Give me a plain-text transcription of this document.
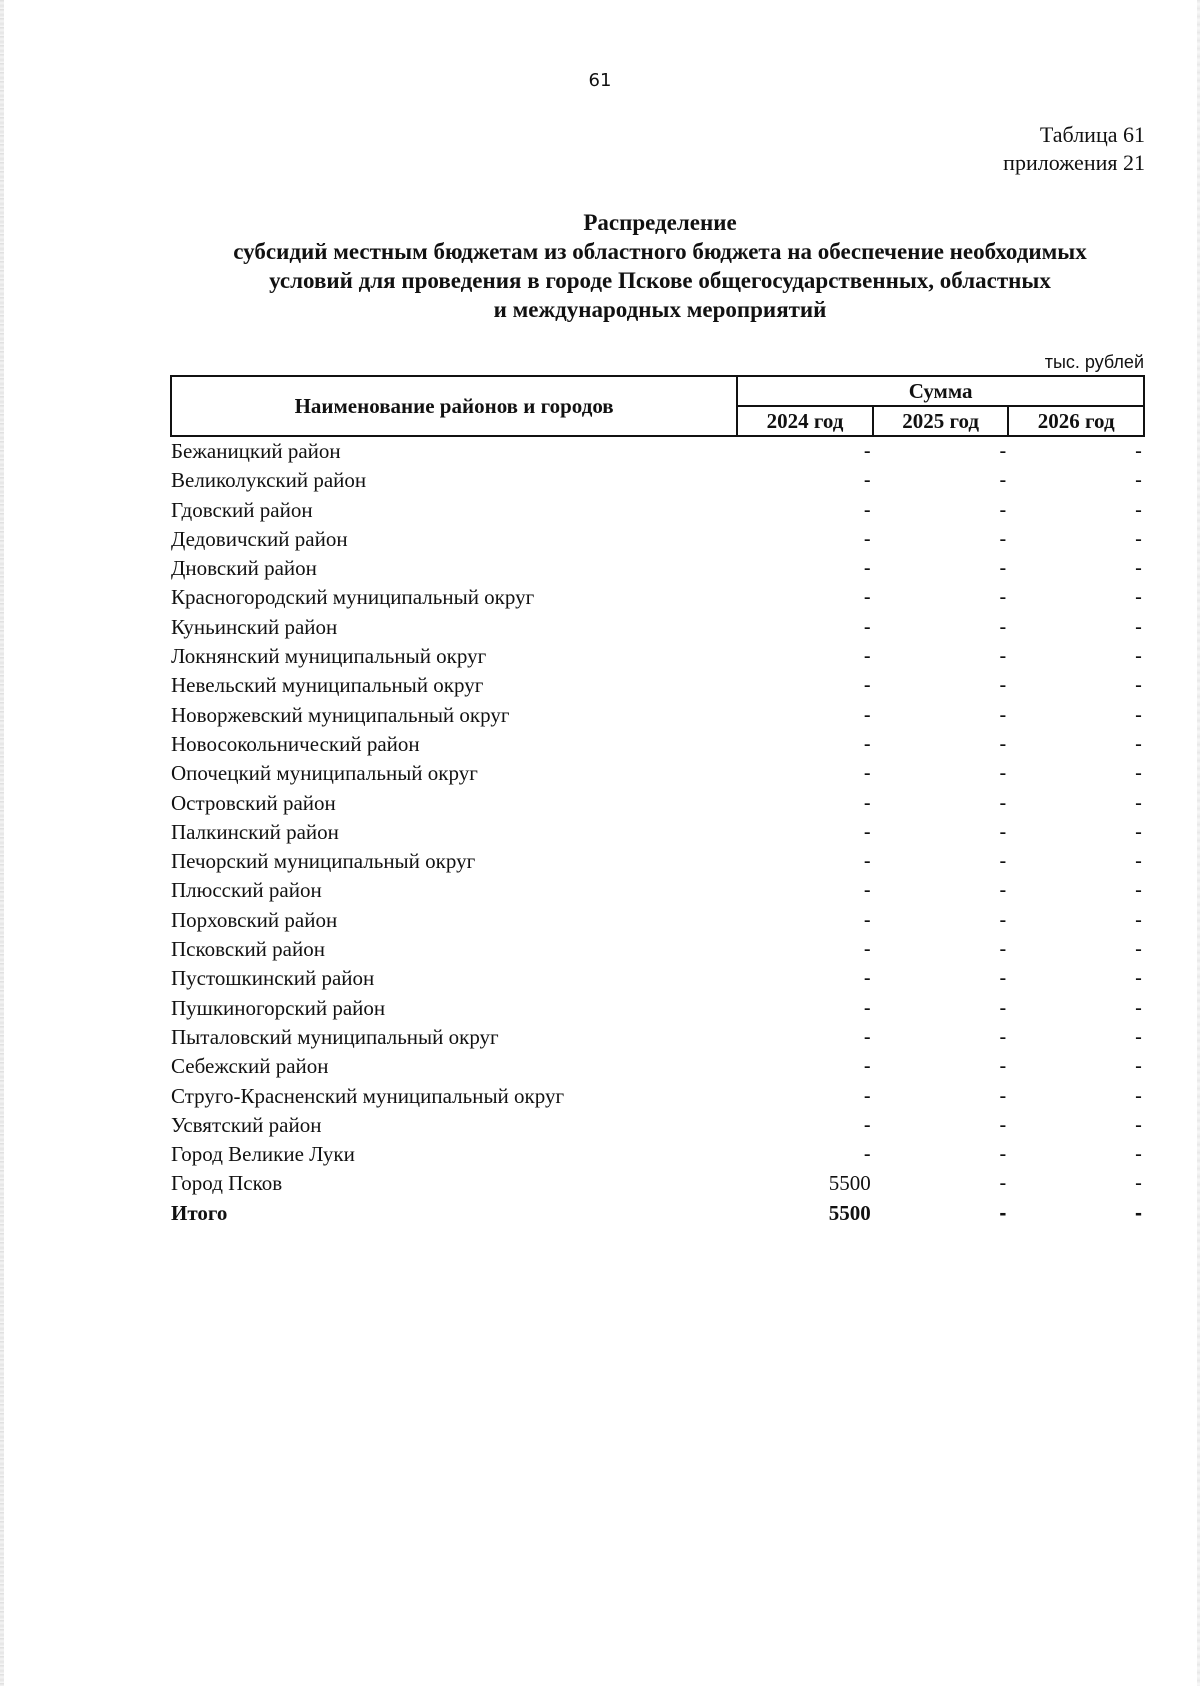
61
Таблица 61
приложения 21
Распределение
субсидий местным бюджетам из областного бюджета на обеспечение необходимых
условий для проведения в городе Пскове общегосударственных, областных
и международных мероприятий
тыс. рублей
Наименование районов и городов	Сумма		
	2024 год	2025 год	2026 год
Бежаницкий район	-	-	-
Великолукский район	-	-	-
Гдовский район	-	-	-
Дедовичский район	-	-	-
Дновский район	-	-	-
Красногородский муниципальный округ	-	-	-
Куньинский район	-	-	-
Локнянский муниципальный округ	-	-	-
Невельский муниципальный округ	-	-	-
Новоржевский муниципальный округ	-	-	-
Новосокольнический район	-	-	-
Опочецкий муниципальный округ	-	-	-
Островский район	-	-	-
Палкинский район	-	-	-
Печорский муниципальный округ	-	-	-
Плюсский район	-	-	-
Порховский район	-	-	-
Псковский район	-	-	-
Пустошкинский район	-	-	-
Пушкиногорский район	-	-	-
Пыталовский муниципальный округ	-	-	-
Себежский район	-	-	-
Струго-Красненский муниципальный округ	-	-	-
Усвятский район	-	-	-
Город Великие Луки	-	-	-
Город Псков	5500	-	-
Итого	5500	-	-
